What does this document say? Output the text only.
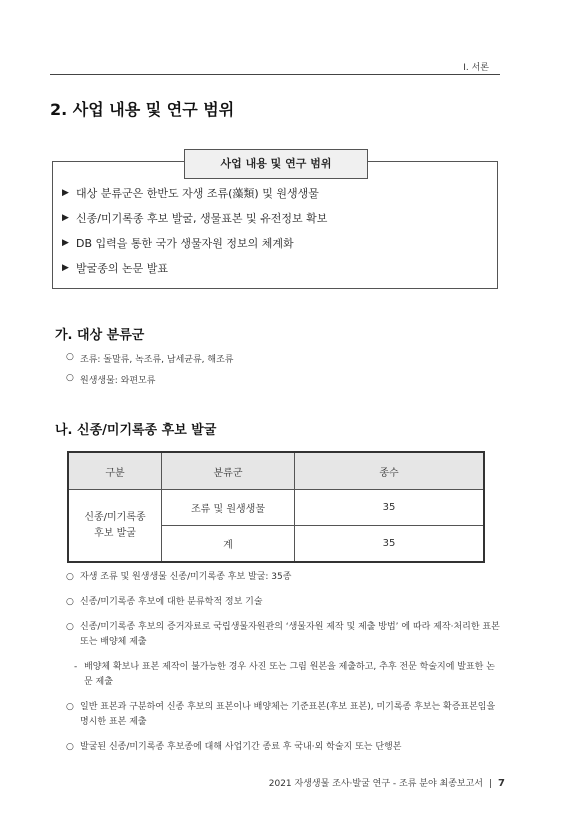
I. 서론
2. 사업 내용 및 연구 범위
사업 내용 및 연구 범위
▶ 대상 분류군은 한반도 자생 조류(藻類) 및 원생생물
▶ 신종/미기록종 후보 발굴, 생물표본 및 유전정보 확보
▶ DB 입력을 통한 국가 생물자원 정보의 체계화
▶ 발굴종의 논문 발표
가. 대상 분류군
○ 조류: 돌말류, 녹조류, 남세균류, 해조류
○ 원생생물: 와편모류
나. 신종/미기록종 후보 발굴
구분	분류군	종수

신종/미기록종
후보 발굴	조류 및 원생생물	35
	계	35
○ 자생 조류 및 원생생물 신종/미기록종 후보 발굴: 35종
○ 신종/미기록종 후보에 대한 분류학적 정보 기술
○ 신종/미기록종 후보의 증거자료로 국립생물자원관의 ‘생물자원 제작 및 제출 방법’ 에 따라 제작·처리한 표본 또는 배양체 제출
- 배양체 확보나 표본 제작이 불가능한 경우 사진 또는 그림 원본을 제출하고, 추후 전문 학술지에 발표한 논문 제출
○ 일반 표본과 구분하여 신종 후보의 표본이나 배양체는 기준표본(후보 표본), 미기록종 후보는 확증표본임을 명시한 표본 제출
○ 발굴된 신종/미기록종 후보종에 대해 사업기간 종료 후 국내·외 학술지 또는 단행본
2021 자생생물 조사·발굴 연구 - 조류 분야 최종보고서 | 7
